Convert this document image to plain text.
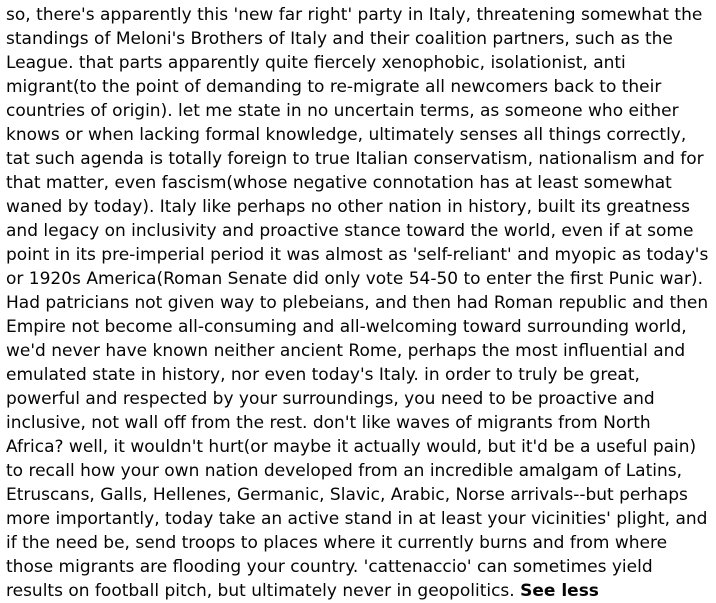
so, there's apparently this 'new far right' party in Italy, threatening somewhat the standings of Meloni's Brothers of Italy and their coalition partners, such as the League. that parts apparently quite fiercely xenophobic, isolationist, anti migrant(to the point of demanding to re-migrate all newcomers back to their countries of origin). let me state in no uncertain terms, as someone who either knows or when lacking formal knowledge, ultimately senses all things correctly, tat such agenda is totally foreign to true Italian conservatism, nationalism and for that matter, even fascism(whose negative connotation has at least somewhat waned by today). Italy like perhaps no other nation in history, built its greatness and legacy on inclusivity and proactive stance toward the world, even if at some point in its pre-imperial period it was almost as 'self-reliant' and myopic as today's or 1920s America(Roman Senate did only vote 54-50 to enter the first Punic war). Had patricians not given way to plebeians, and then had Roman republic and then Empire not become all-consuming and all-welcoming toward surrounding world, we'd never have known neither ancient Rome, perhaps the most influential and emulated state in history, nor even today's Italy. in order to truly be great, powerful and respected by your surroundings, you need to be proactive and inclusive, not wall off from the rest. don't like waves of migrants from North Africa? well, it wouldn't hurt(or maybe it actually would, but it'd be a useful pain) to recall how your own nation developed from an incredible amalgam of Latins, Etruscans, Galls, Hellenes, Germanic, Slavic, Arabic, Norse arrivals--but perhaps more importantly, today take an active stand in at least your vicinities' plight, and if the need be, send troops to places where it currently burns and from where those migrants are flooding your country. 'cattenaccio' can sometimes yield results on football pitch, but ultimately never in geopolitics. See less
